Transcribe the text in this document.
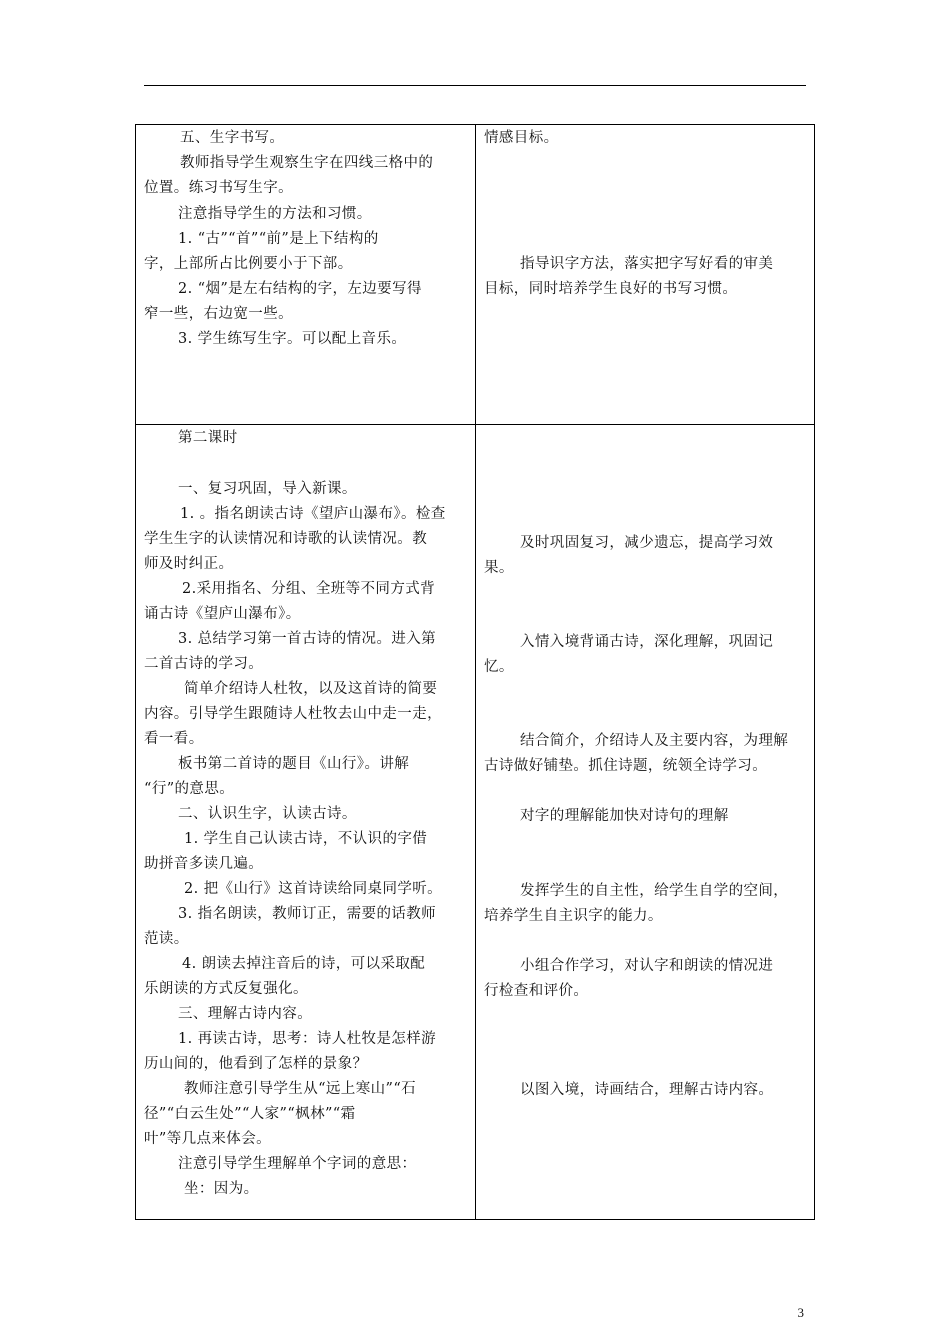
五、生字书写。
教师指导学生观察生字在四线三格中的
位置。练习书写生字。
注意指导学生的方法和习惯。
1. “古”“首”“前”是上下结构的
字，上部所占比例要小于下部。
2. “烟”是左右结构的字，左边要写得
窄一些，右边宽一些。
3. 学生练写生字。可以配上音乐。
第二课时
一、复习巩固，导入新课。
1. 。指名朗读古诗《望庐山瀑布》。检查
学生生字的认读情况和诗歌的认读情况。教
师及时纠正。
2.采用指名、分组、全班等不同方式背
诵古诗《望庐山瀑布》。
3. 总结学习第一首古诗的情况。进入第
二首古诗的学习。
简单介绍诗人杜牧，以及这首诗的简要
内容。引导学生跟随诗人杜牧去山中走一走，
看一看。
板书第二首诗的题目《山行》。讲解
“行”的意思。
二、认识生字，认读古诗。
1. 学生自己认读古诗，不认识的字借
助拼音多读几遍。
2. 把《山行》这首诗读给同桌同学听。
3. 指名朗读，教师订正，需要的话教师
范读。
4. 朗读去掉注音后的诗，可以采取配
乐朗读的方式反复强化。
三、理解古诗内容。
1. 再读古诗，思考：诗人杜牧是怎样游
历山间的，他看到了怎样的景象？
教师注意引导学生从“远上寒山”“石
径”“白云生处”“人家”“枫林”“霜
叶”等几点来体会。
注意引导学生理解单个字词的意思：
坐：因为。
情感目标。
指导识字方法，落实把字写好看的审美
目标，同时培养学生良好的书写习惯。
及时巩固复习，减少遗忘，提高学习效
果。
入情入境背诵古诗，深化理解，巩固记
忆。
结合简介，介绍诗人及主要内容，为理解
古诗做好铺垫。抓住诗题，统领全诗学习。
对字的理解能加快对诗句的理解
发挥学生的自主性，给学生自学的空间，
培养学生自主识字的能力。
小组合作学习，对认字和朗读的情况进
行检查和评价。
以图入境，诗画结合，理解古诗内容。
3
